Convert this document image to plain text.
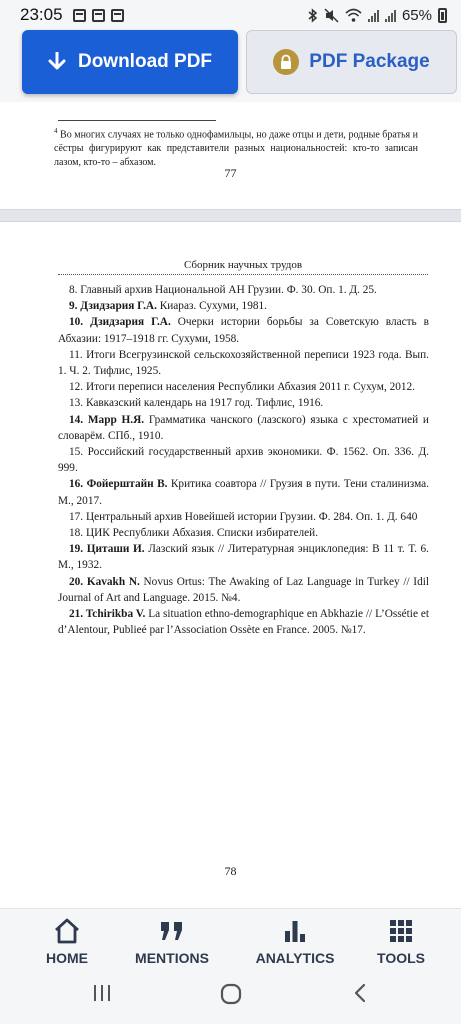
23:05	65%
Download PDF	PDF Package
$^4$ Во многих случаях не только однофамильцы, но даже отцы и дети, родные братья и сёстры фигурируют как представители разных национальностей: кто-то записан лазом, кто-то – абхазом.
77
Сборник научных трудов

8. Главный архив Национальной АН Грузии. Ф. 30. Оп. 1. Д. 25.

9. Дзидзария Г.А. Киараз. Сухуми, 1981.

10. Дзидзария Г.А. Очерки истории борьбы за Советскую власть в Абхазии: 1917–1918 гг. Сухуми, 1958.

11. Итоги Всегрузинской сельскохозяйственной переписи 1923 года. Вып. 1. Ч. 2. Тифлис, 1925.

12. Итоги переписи населения Республики Абхазия 2011 г. Сухум, 2012.

13. Кавказский календарь на 1917 год. Тифлис, 1916.

14. Марр Н.Я. Грамматика чанского (лазского) языка с хрестоматией и словарём. СПб., 1910.

15. Российский государственный архив экономики. Ф. 1562. Оп. 336. Д. 999.

16. Фойерштайн В. Критика соавтора // Грузия в пути. Тени сталинизма. М., 2017.

17. Центральный архив Новейшей истории Грузии. Ф. 284. Оп. 1. Д. 640

18. ЦИК Республики Абхазия. Списки избирателей.

19. Циташи И. Лазский язык // Литературная энциклопедия: В 11 т. Т. 6. М., 1932.

20. Kavakh N. Novus Ortus: The Awaking of Laz Language in Turkey // Idil Journal of Art and Language. 2015. №4.

21. Tchirikba V. La situation ethno-demographique en Abkhazie // L’Ossétie et d’Alentour, Publieé par l’Association Ossète en France. 2005. №17.

78
HOME	MENTIONS	ANALYTICS	TOOLS
